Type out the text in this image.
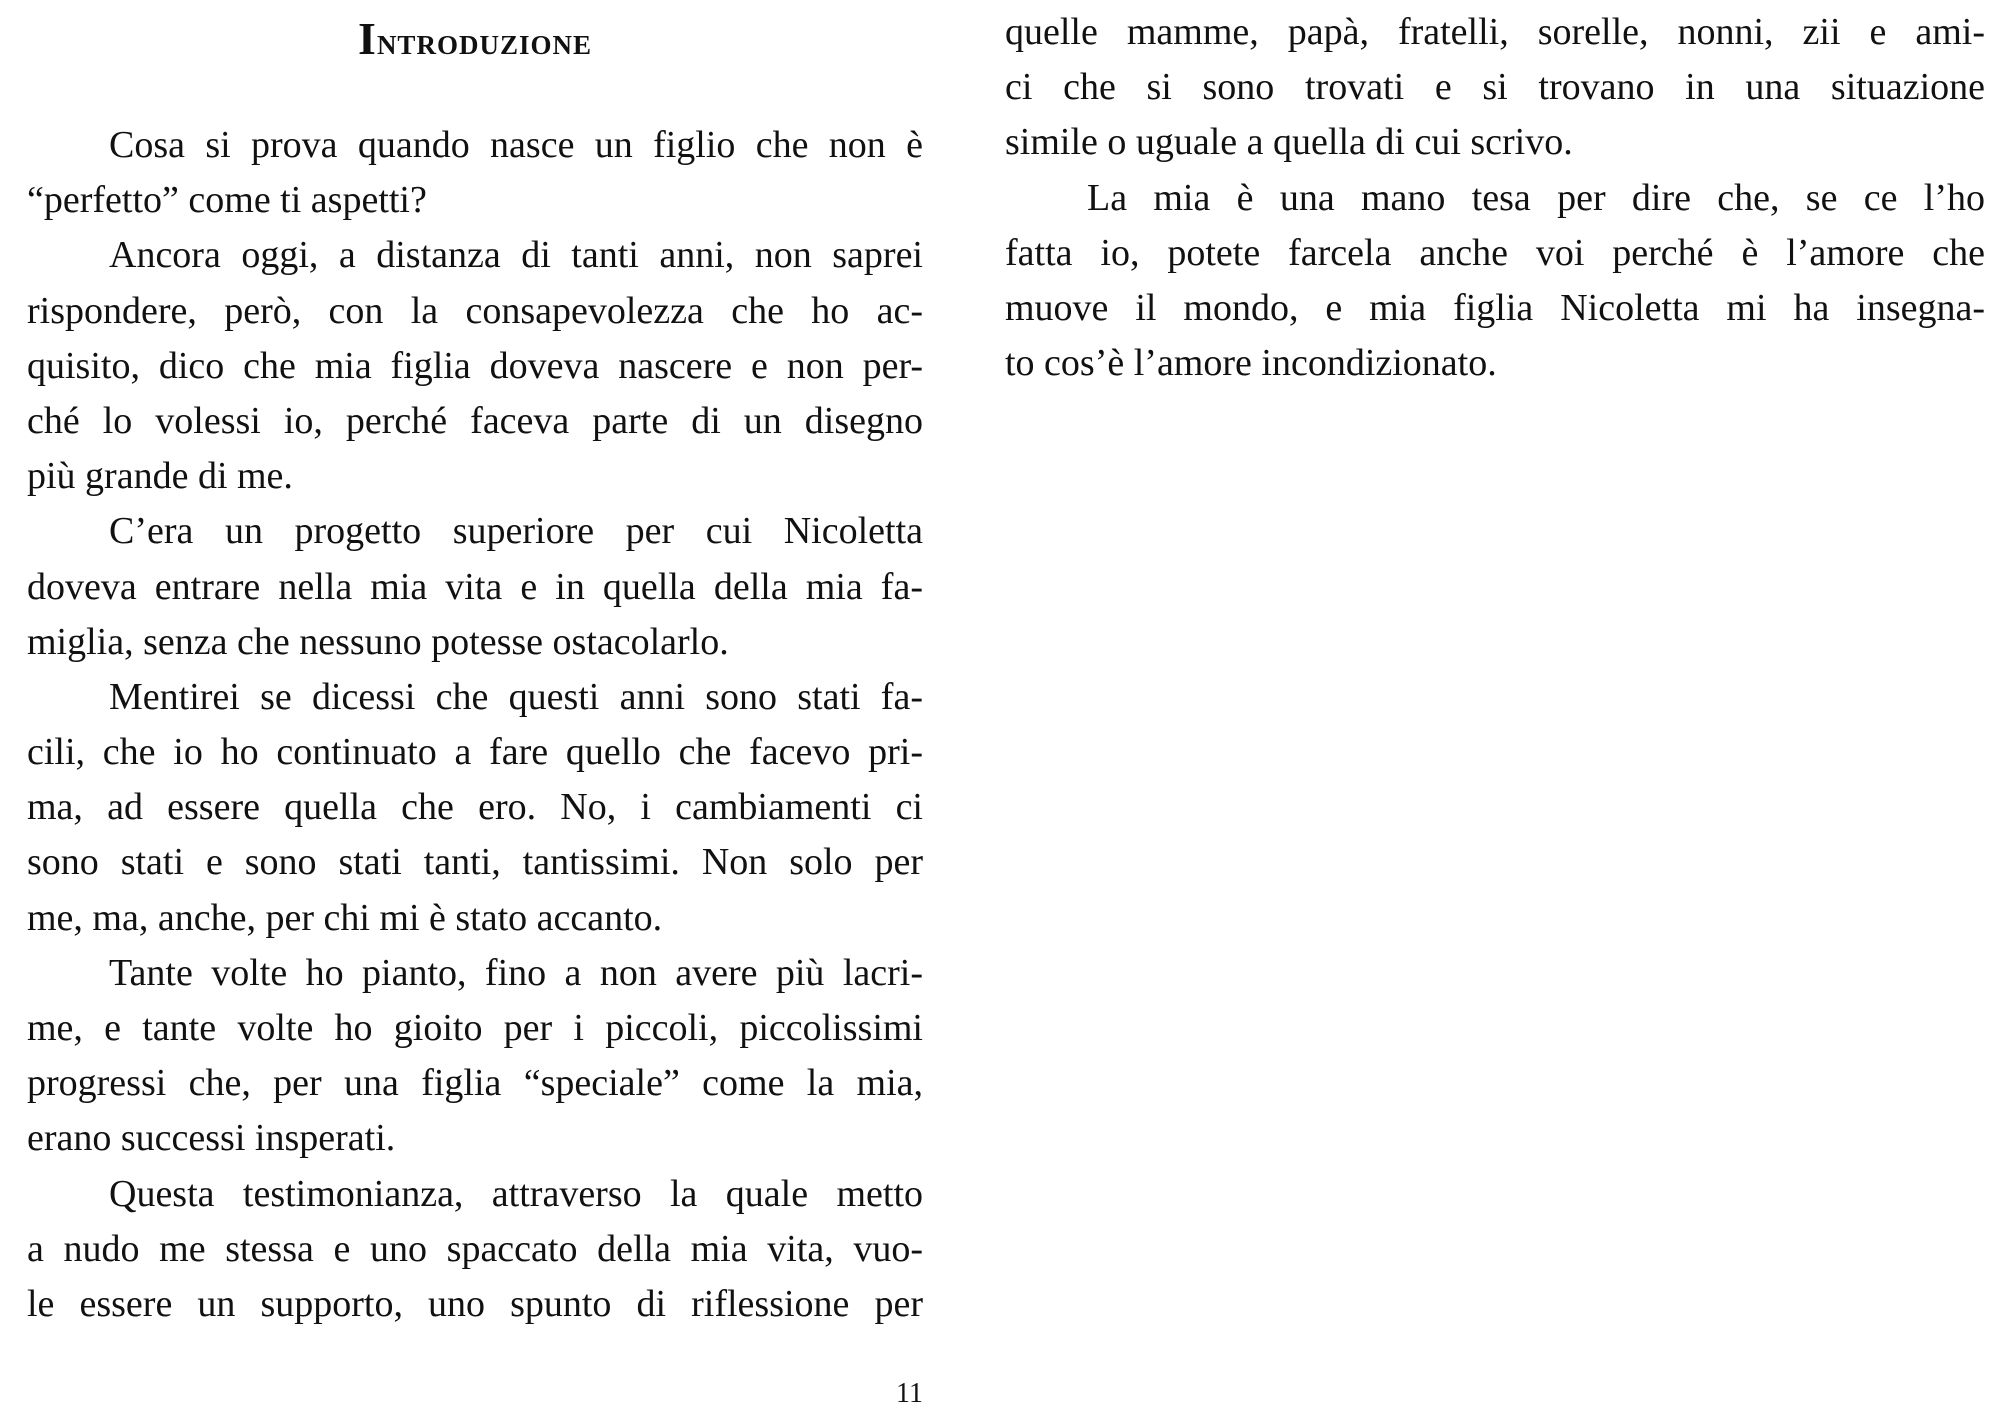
Introduzione
Cosa si prova quando nasce un figlio che non è
“perfetto” come ti aspetti?
Ancora oggi, a distanza di tanti anni, non saprei
rispondere, però, con la consapevolezza che ho ac-
quisito, dico che mia figlia doveva nascere e non per-
ché lo volessi io, perché faceva parte di un disegno
più grande di me.
C’era un progetto superiore per cui Nicoletta
doveva entrare nella mia vita e in quella della mia fa-
miglia, senza che nessuno potesse ostacolarlo.
Mentirei se dicessi che questi anni sono stati fa-
cili, che io ho continuato a fare quello che facevo pri-
ma, ad essere quella che ero. No, i cambiamenti ci
sono stati e sono stati tanti, tantissimi. Non solo per
me, ma, anche, per chi mi è stato accanto.
Tante volte ho pianto, fino a non avere più lacri-
me, e tante volte ho gioito per i piccoli, piccolissimi
progressi che, per una figlia “speciale” come la mia,
erano successi insperati.
Questa testimonianza, attraverso la quale metto
a nudo me stessa e uno spaccato della mia vita, vuo-
le essere un supporto, uno spunto di riflessione per
11
quelle mamme, papà, fratelli, sorelle, nonni, zii e ami-
ci che si sono trovati e si trovano in una situazione
simile o uguale a quella di cui scrivo.
La mia è una mano tesa per dire che, se ce l’ho
fatta io, potete farcela anche voi perché è l’amore che
muove il mondo, e mia figlia Nicoletta mi ha insegna-
to cos’è l’amore incondizionato.
